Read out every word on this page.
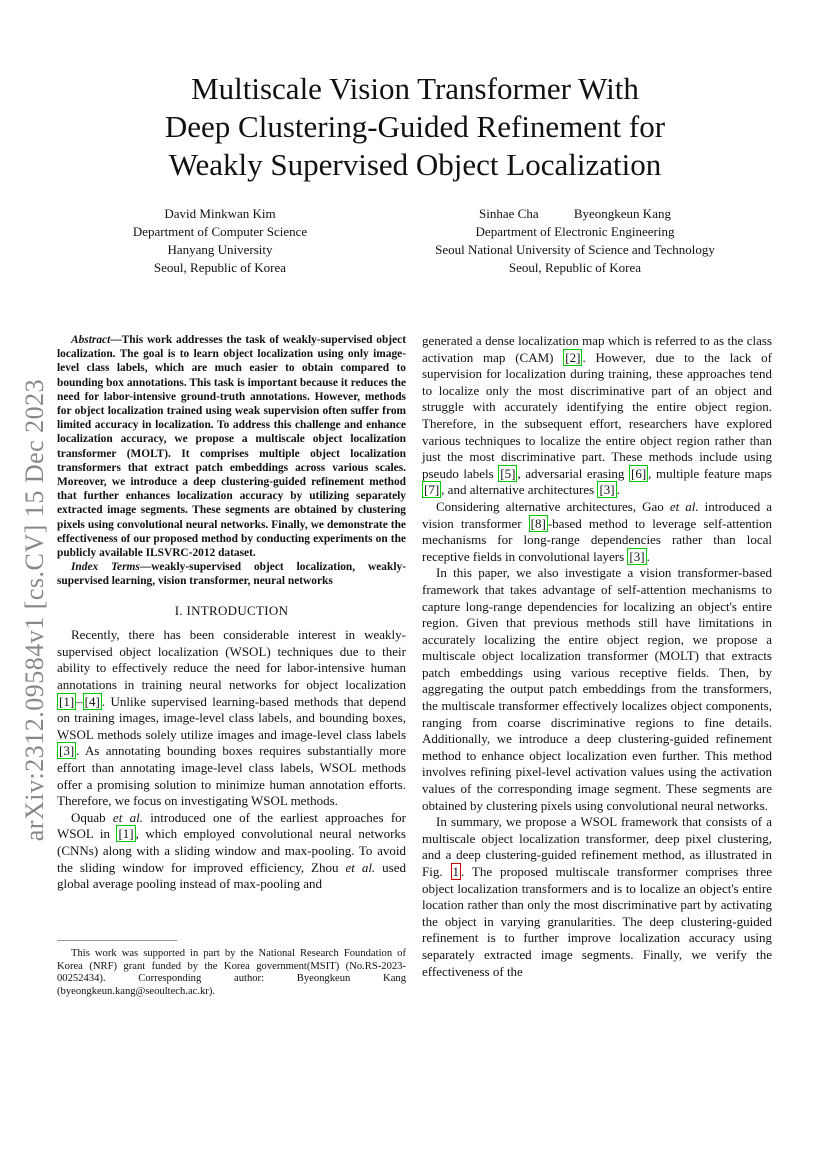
arXiv:2312.09584v1 [cs.CV] 15 Dec 2023
Multiscale Vision Transformer With
Deep Clustering-Guided Refinement for
Weakly Supervised Object Localization
David Minkwan Kim
Department of Computer Science
Hanyang University
Seoul, Republic of Korea
Sinhae Cha	Byeongkeun Kang
Department of Electronic Engineering
Seoul National University of Science and Technology
Seoul, Republic of Korea

Abstract—This work addresses the task of weakly-supervised object localization. The goal is to learn object localization using only image-level class labels, which are much easier to obtain compared to bounding box annotations. This task is important because it reduces the need for labor-intensive ground-truth annotations. However, methods for object localization trained using weak supervision often suffer from limited accuracy in localization. To address this challenge and enhance localization accuracy, we propose a multiscale object localization transformer (MOLT). It comprises multiple object localization transformers that extract patch embeddings across various scales. Moreover, we introduce a deep clustering-guided refinement method that further enhances localization accuracy by utilizing separately extracted image segments. These segments are obtained by clustering pixels using convolutional neural networks. Finally, we demonstrate the effectiveness of our proposed method by conducting experiments on the publicly available ILSVRC-2012 dataset.

Index Terms—weakly-supervised object localization, weakly-supervised learning, vision transformer, neural networks

I. INTRODUCTION

Recently, there has been considerable interest in weakly-supervised object localization (WSOL) techniques due to their ability to effectively reduce the need for labor-intensive human annotations in training neural networks for object localization [1] – [4] . Unlike supervised learning-based methods that depend on training images, image-level class labels, and bounding boxes, WSOL methods solely utilize images and image-level class labels [3] . As annotating bounding boxes requires substantially more effort than annotating image-level class labels, WSOL methods offer a promising solution to minimize human annotation efforts. Therefore, we focus on investigating WSOL methods.

Oquab et al. introduced one of the earliest approaches for WSOL in [1] , which employed convolutional neural networks (CNNs) along with a sliding window and max-pooling. To avoid the sliding window for improved efficiency, Zhou et al. used global average pooling instead of max-pooling and

This work was supported in part by the National Research Foundation of Korea (NRF) grant funded by the Korea government(MSIT) (No.RS-2023-00252434). Corresponding author: Byeongkeun Kang (byeongkeun.kang@seoultech.ac.kr).

generated a dense localization map which is referred to as the class activation map (CAM) [2] . However, due to the lack of supervision for localization during training, these approaches tend to localize only the most discriminative part of an object and struggle with accurately identifying the entire object region. Therefore, in the subsequent effort, researchers have explored various techniques to localize the entire object region rather than just the most discriminative part. These methods include using pseudo labels [5] , adversarial erasing [6] , multiple feature maps [7] , and alternative architectures [3] .

Considering alternative architectures, Gao et al. introduced a vision transformer [8] -based method to leverage self-attention mechanisms for long-range dependencies rather than local receptive fields in convolutional layers [3] .

In this paper, we also investigate a vision transformer-based framework that takes advantage of self-attention mechanisms to capture long-range dependencies for localizing an object's entire region. Given that previous methods still have limitations in accurately localizing the entire object region, we propose a multiscale object localization transformer (MOLT) that extracts patch embeddings using various receptive fields. Then, by aggregating the output patch embeddings from the transformers, the multiscale transformer effectively localizes object components, ranging from coarse discriminative regions to fine details. Additionally, we introduce a deep clustering-guided refinement method to enhance object localization even further. This method involves refining pixel-level activation values using the activation values of the corresponding image segment. These segments are obtained by clustering pixels using convolutional neural networks.

In summary, we propose a WSOL framework that consists of a multiscale object localization transformer, deep pixel clustering, and a deep clustering-guided refinement method, as illustrated in Fig. 1 . The proposed multiscale transformer comprises three object localization transformers and is to localize an object's entire location rather than only the most discriminative part by activating the object in varying granularities. The deep clustering-guided refinement is to further improve localization accuracy using separately extracted image segments. Finally, we verify the effectiveness of the
